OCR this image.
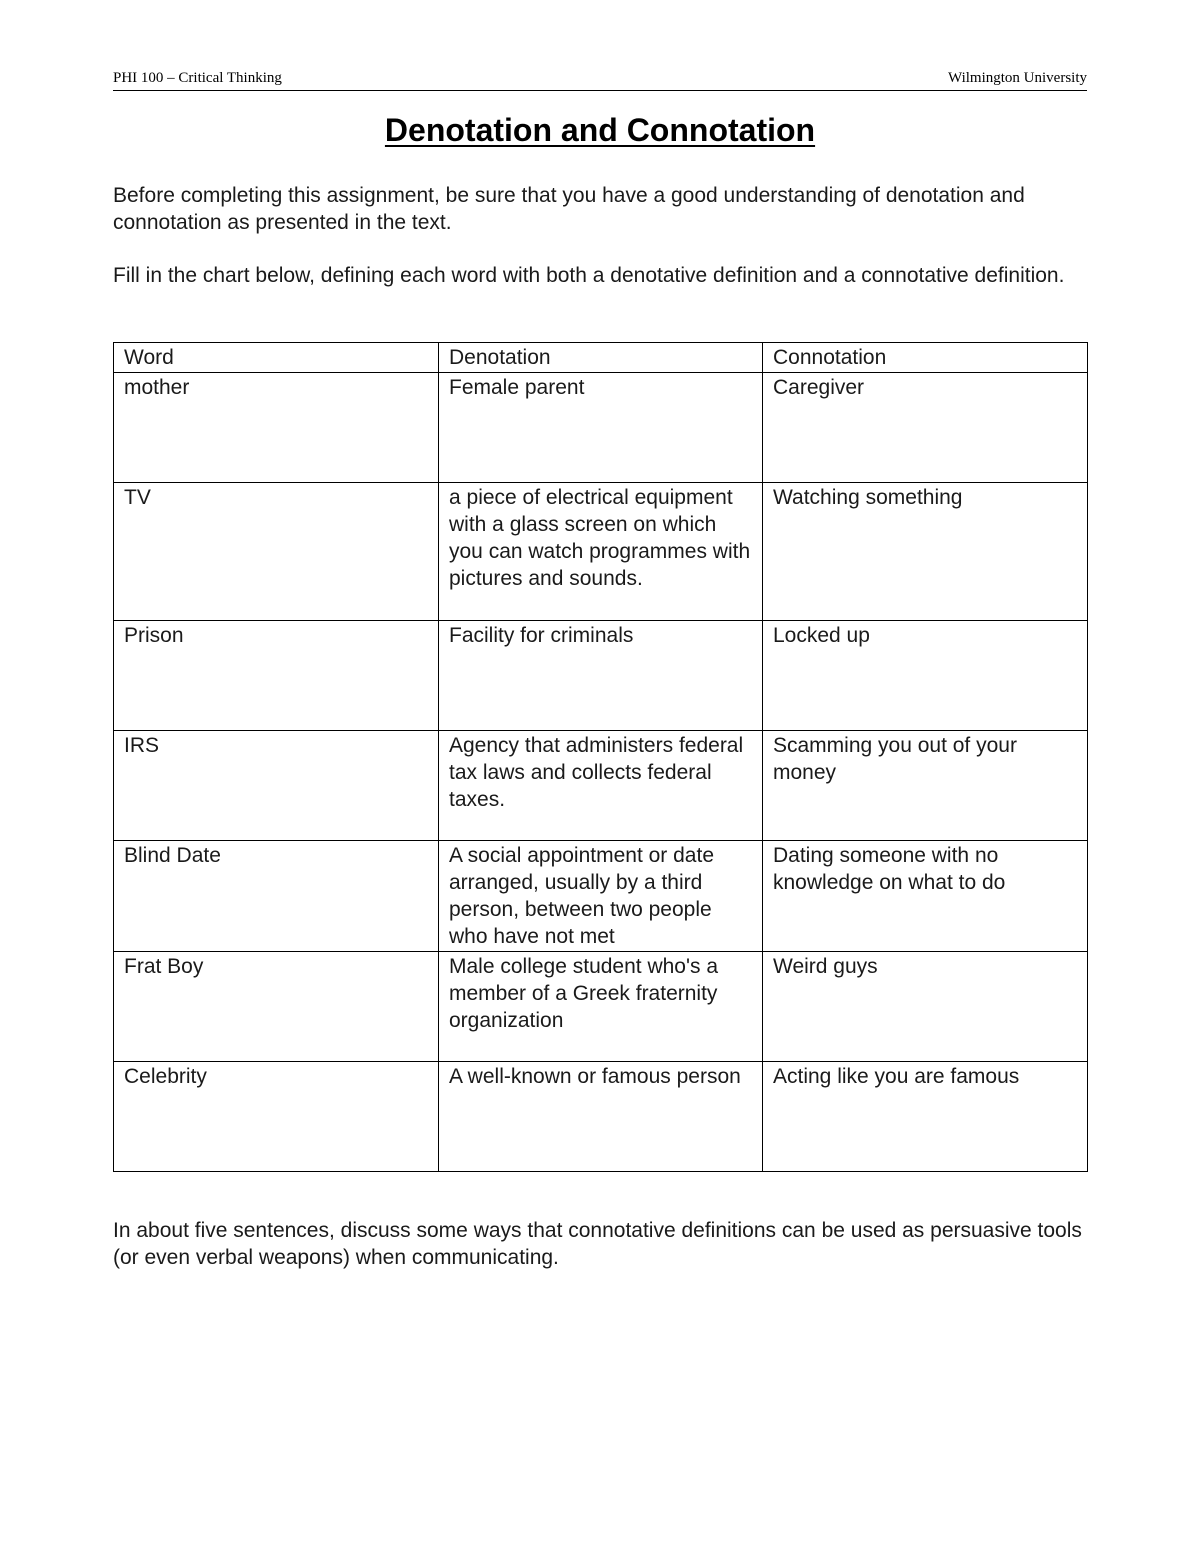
PHI 100 – Critical Thinking	Wilmington University
Denotation and Connotation
Before completing this assignment, be sure that you have a good understanding of denotation and connotation as presented in the text.
Fill in the chart below, defining each word with both a denotative definition and a connotative definition.
Word	Denotation	Connotation
mother	Female parent	Caregiver
TV	a piece of electrical equipment with a glass screen on which you can watch programmes with pictures and sounds.	Watching something
Prison	Facility for criminals	Locked up
IRS	Agency that administers federal tax laws and collects federal taxes.	Scamming you out of your money
Blind Date	A social appointment or date arranged, usually by a third person, between two people who have not met	Dating someone with no knowledge on what to do
Frat Boy	Male college student who's a member of a Greek fraternity organization	Weird guys
Celebrity	A well-known or famous person	Acting like you are famous
In about five sentences, discuss some ways that connotative definitions can be used as persuasive tools (or even verbal weapons) when communicating.
